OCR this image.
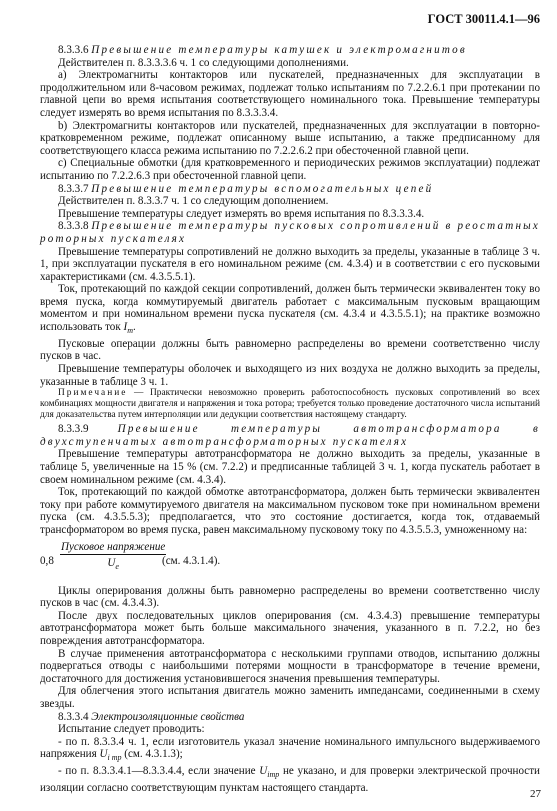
ГОСТ 30011.4.1—96

8.3.3.6 Превышение температуры катушек и электромагнитов

Действителен п. 8.3.3.3.6 ч. 1 со следующими дополнениями.

а) Электромагниты контакторов или пускателей, предназначенных для эксплуатации в продолжительном или 8-часовом режимах, подлежат только испытаниям по 7.2.2.6.1 при протекании по главной цепи во время испытания соответствующего номинального тока. Превышение температуры следует измерять во время испытания по 8.3.3.3.4.

b) Электромагниты контакторов или пускателей, предназначенных для эксплуатации в повторно-кратковременном режиме, подлежат описанному выше испытанию, а также предписанному для соответствующего класса режима испытанию по 7.2.2.6.2 при обесточенной главной цепи.

с) Специальные обмотки (для кратковременного и периодических режимов эксплуатации) подлежат испытанию по 7.2.2.6.3 при обесточенной главной цепи.

8.3.3.7 Превышение температуры вспомогательных цепей

Действителен п. 8.3.3.7 ч. 1 со следующим дополнением.

Превышение температуры следует измерять во время испытания по 8.3.3.3.4.

8.3.3.8 Превышение температуры пусковых сопротивлений в реостатных роторных пускателях

Превышение температуры сопротивлений не должно выходить за пределы, указанные в таблице 3 ч. 1, при эксплуатации пускателя в его номинальном режиме (см. 4.3.4) и в соответствии с его пусковыми характеристиками (см. 4.3.5.5.1).

Ток, протекающий по каждой секции сопротивлений, должен быть термически эквивалентен току во время пуска, когда коммутируемый двигатель работает с максимальным пусковым вращающим моментом и при номинальном времени пуска пускателя (см. 4.3.4 и 4.3.5.5.1); на практике возможно использовать ток $I_m$.

Пусковые операции должны быть равномерно распределены во времени соответственно числу пусков в час.

Превышение температуры оболочек и выходящего из них воздуха не должно выходить за пределы, указанные в таблице 3 ч. 1.

Примечание — Практически невозможно проверить работоспособность пусковых сопротивлений во всех комбинациях мощности двигателя и напряжения и тока ротора; требуется только проведение достаточного числа испытаний для доказательства путем интерполяции или дедукции соответствия настоящему стандарту.

8.3.3.9	Превышение температуры автотрансформатора в двухступенчатых автотрансформаторных пускателях

Превышение температуры автотрансформатора не должно выходить за пределы, указанные в таблице 5, увеличенные на 15 % (см. 7.2.2) и предписанные таблицей 3 ч. 1, когда пускатель работает в своем номинальном режиме (см. 4.3.4).

Ток, протекающий по каждой обмотке автотрансформатора, должен быть термически эквивалентен току при работе коммутируемого двигателя на максимальном пусковом токе при номинальном времени пуска (см. 4.3.5.5.3); предполагается, что это состояние достигается, когда ток, отдаваемый трансформатором во время пуска, равен максимальному пусковому току по 4.3.5.5.3, умноженному на:

0,8
Пусковое напряжение
$U_е$	(см. 4.3.1.4).

Циклы оперирования должны быть равномерно распределены во времени соответственно числу пусков в час (см. 4.3.4.3).

После двух последовательных циклов оперирования (см. 4.3.4.3) превышение температуры автотрансформатора может быть больше максимального значения, указанного в п. 7.2.2, но без повреждения автотрансформатора.

В случае применения автотрансформатора с несколькими группами отводов, испытанию должны подвергаться отводы с наибольшими потерями мощности в трансформаторе в течение времени, достаточного для достижения установившегося значения превышения температуры.

Для облегчения этого испытания двигатель можно заменить импедансами, соединенными в схему звезды.

8.3.3.4 Электроизоляционные свойства

Испытание следует проводить:

- по п. 8.3.3.4 ч. 1, если изготовитель указал значение номинального импульсного выдерживаемого напряжения $U_{i mp}$ (см. 4.3.1.3);

- по п. 8.3.3.4.1—8.3.3.4.4, если значение $U_{imp}$ не указано, и для проверки электрической прочности изоляции согласно соответствующим пунктам настоящего стандарта.

27
